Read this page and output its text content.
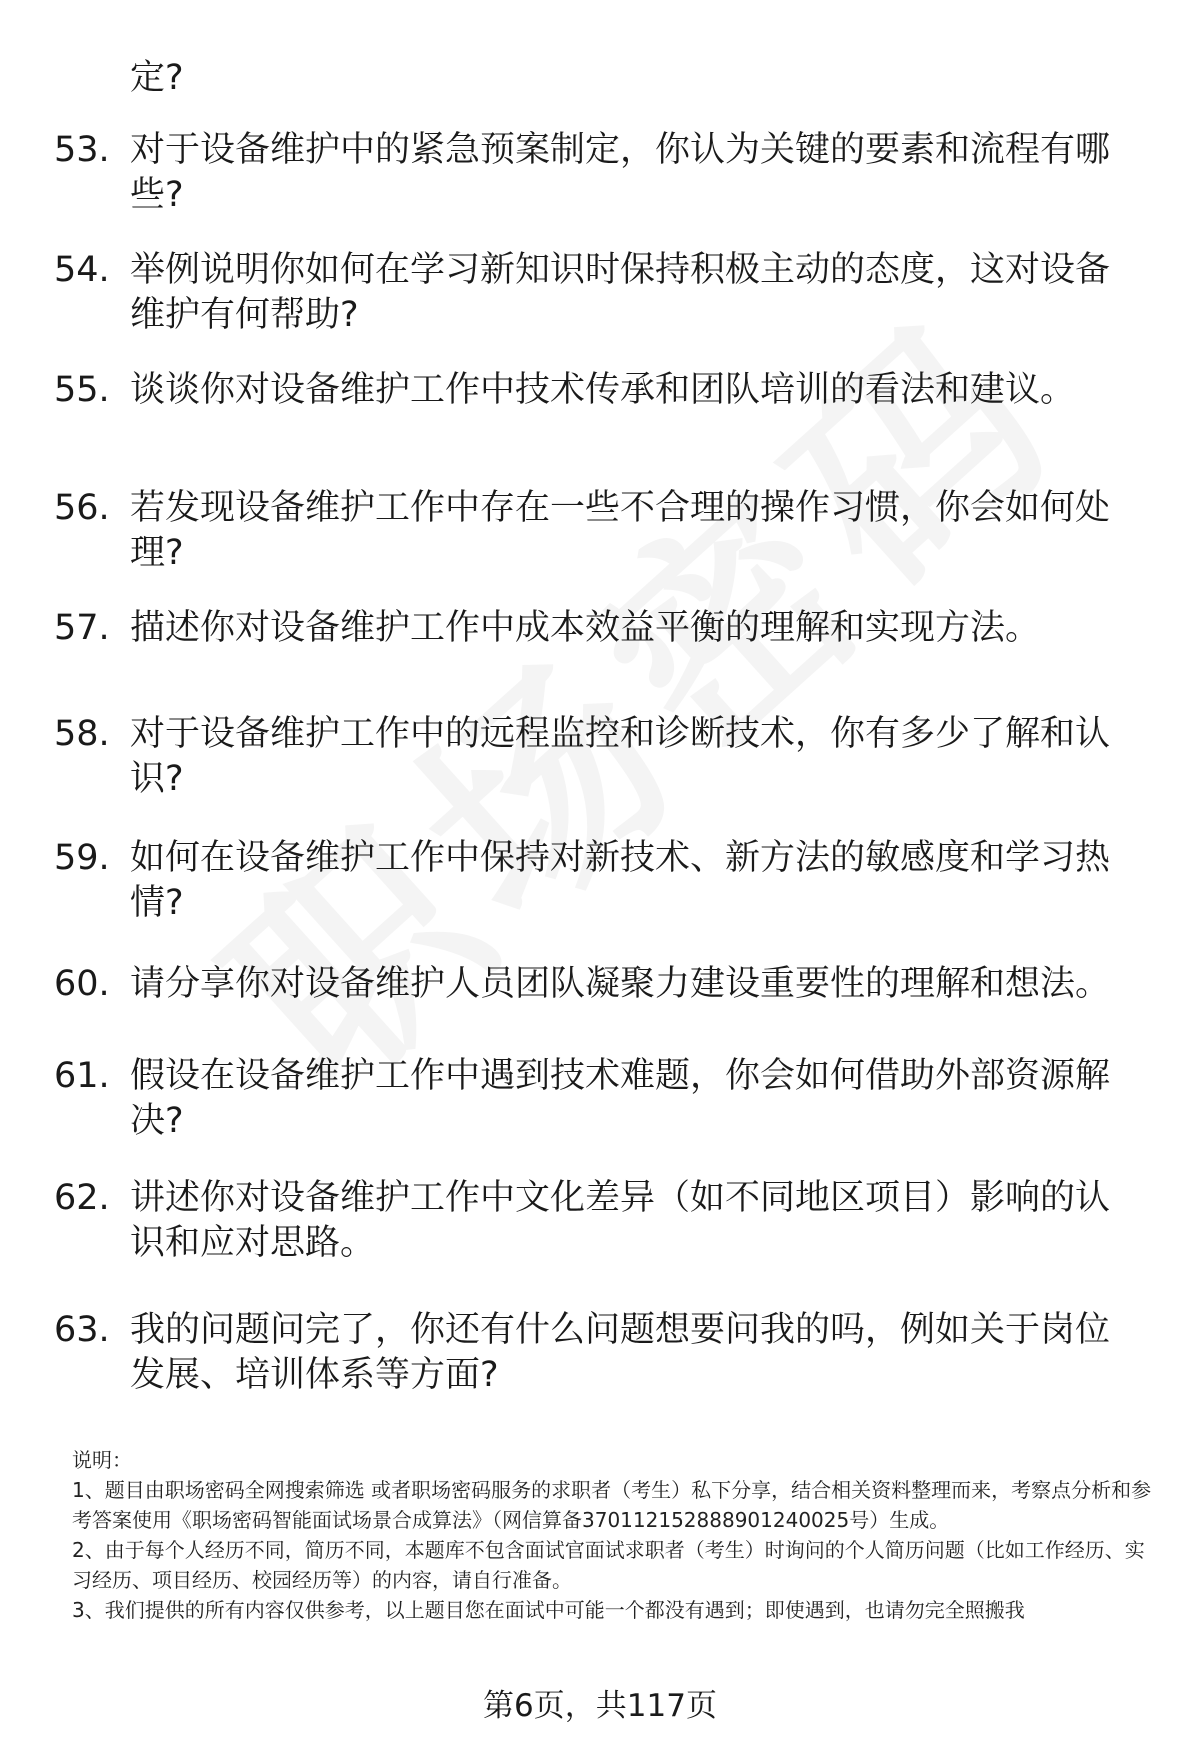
定?
53. 对于设备维护中的紧急预案制定，你认为关键的要素和流程有哪些?
54. 举例说明你如何在学习新知识时保持积极主动的态度，这对设备维护有何帮助?
55. 谈谈你对设备维护工作中技术传承和团队培训的看法和建议。
56. 若发现设备维护工作中存在一些不合理的操作习惯，你会如何处理?
57. 描述你对设备维护工作中成本效益平衡的理解和实现方法。
58. 对于设备维护工作中的远程监控和诊断技术，你有多少了解和认识?
59. 如何在设备维护工作中保持对新技术、新方法的敏感度和学习热情?
60. 请分享你对设备维护人员团队凝聚力建设重要性的理解和想法。
61. 假设在设备维护工作中遇到技术难题，你会如何借助外部资源解决?
62. 讲述你对设备维护工作中文化差异（如不同地区项目）影响的认识和应对思路。
63. 我的问题问完了，你还有什么问题想要问我的吗，例如关于岗位发展、培训体系等方面?

说明：

1、题目由职场密码全网搜索筛选 或者职场密码服务的求职者（考生）私下分享，结合相关资料整理而来，考察点分析和参考答案使用《职场密码智能面试场景合成算法》（网信算备370112152888901240025号）生成。

2、由于每个人经历不同，简历不同，本题库不包含面试官面试求职者（考生）时询问的个人简历问题（比如工作经历、实习经历、项目经历、校园经历等）的内容，请自行准备。

3、我们提供的所有内容仅供参考，以上题目您在面试中可能一个都没有遇到；即使遇到，也请勿完全照搬我

第6页，共117页
